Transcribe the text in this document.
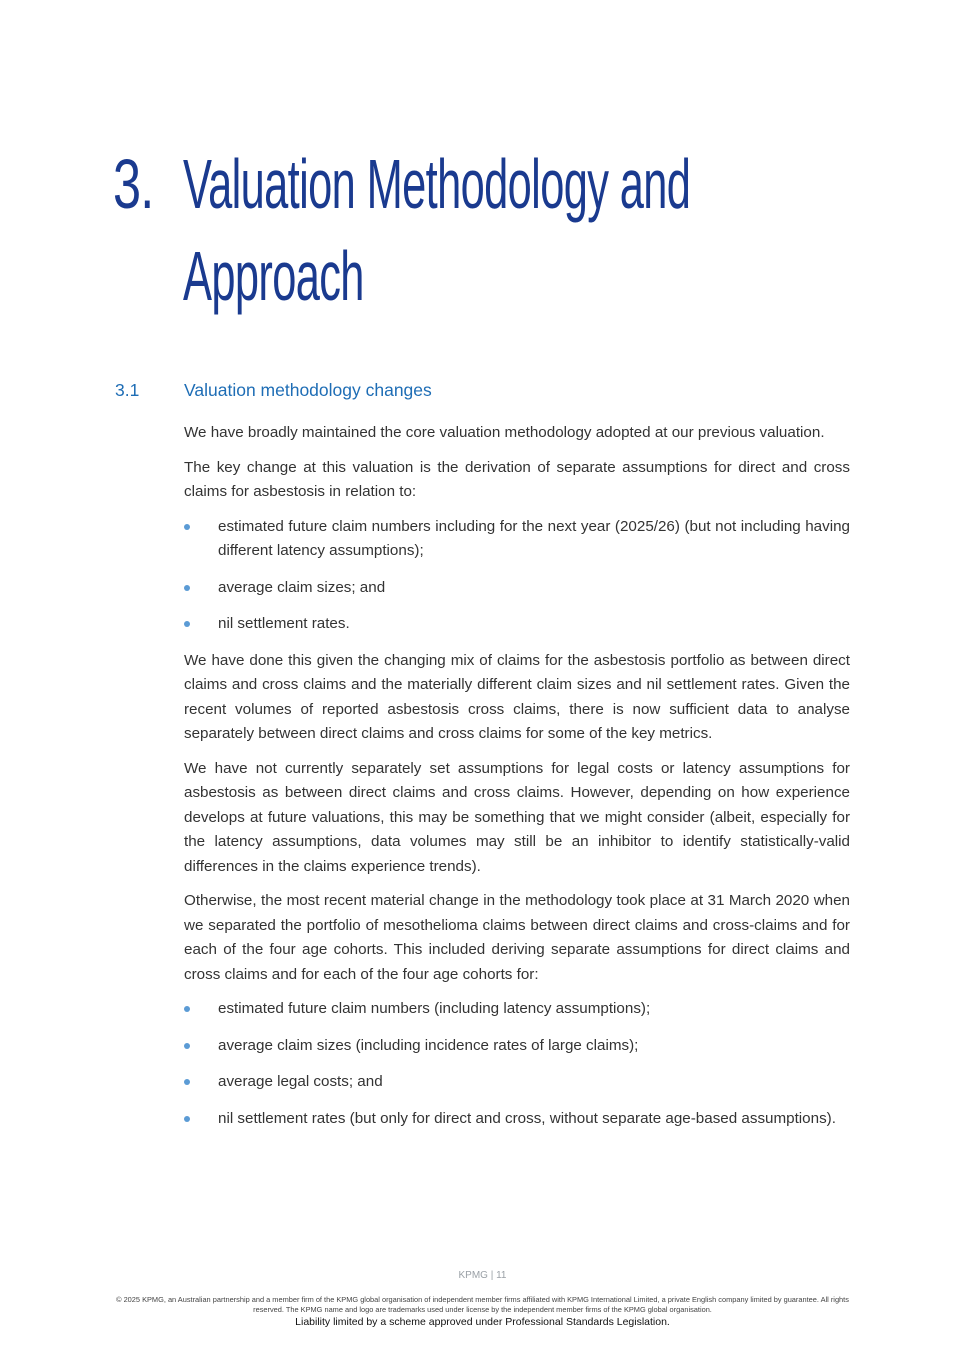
3. Valuation Methodology and
Approach
3.1	Valuation methodology changes

We have broadly maintained the core valuation methodology adopted at our previous valuation.

The key change at this valuation is the derivation of separate assumptions for direct and cross claims for asbestosis in relation to:

estimated future claim numbers including for the next year (2025/26) (but not including having different latency assumptions);
average claim sizes; and
nil settlement rates.

We have done this given the changing mix of claims for the asbestosis portfolio as between direct claims and cross claims and the materially different claim sizes and nil settlement rates. Given the recent volumes of reported asbestosis cross claims, there is now sufficient data to analyse separately between direct claims and cross claims for some of the key metrics.

We have not currently separately set assumptions for legal costs or latency assumptions for asbestosis as between direct claims and cross claims. However, depending on how experience develops at future valuations, this may be something that we might consider (albeit, especially for the latency assumptions, data volumes may still be an inhibitor to identify statistically-valid differences in the claims experience trends).

Otherwise, the most recent material change in the methodology took place at 31 March 2020 when we separated the portfolio of mesothelioma claims between direct claims and cross-claims and for each of the four age cohorts. This included deriving separate assumptions for direct claims and cross claims and for each of the four age cohorts for:

estimated future claim numbers (including latency assumptions);
average claim sizes (including incidence rates of large claims);
average legal costs; and
nil settlement rates (but only for direct and cross, without separate age-based assumptions).
KPMG | 11
© 2025 KPMG, an Australian partnership and a member firm of the KPMG global organisation of independent member firms affiliated with KPMG International Limited, a private English company limited by guarantee. All rights reserved. The KPMG name and logo are trademarks used under license by the independent member firms of the KPMG global organisation.
Liability limited by a scheme approved under Professional Standards Legislation.
